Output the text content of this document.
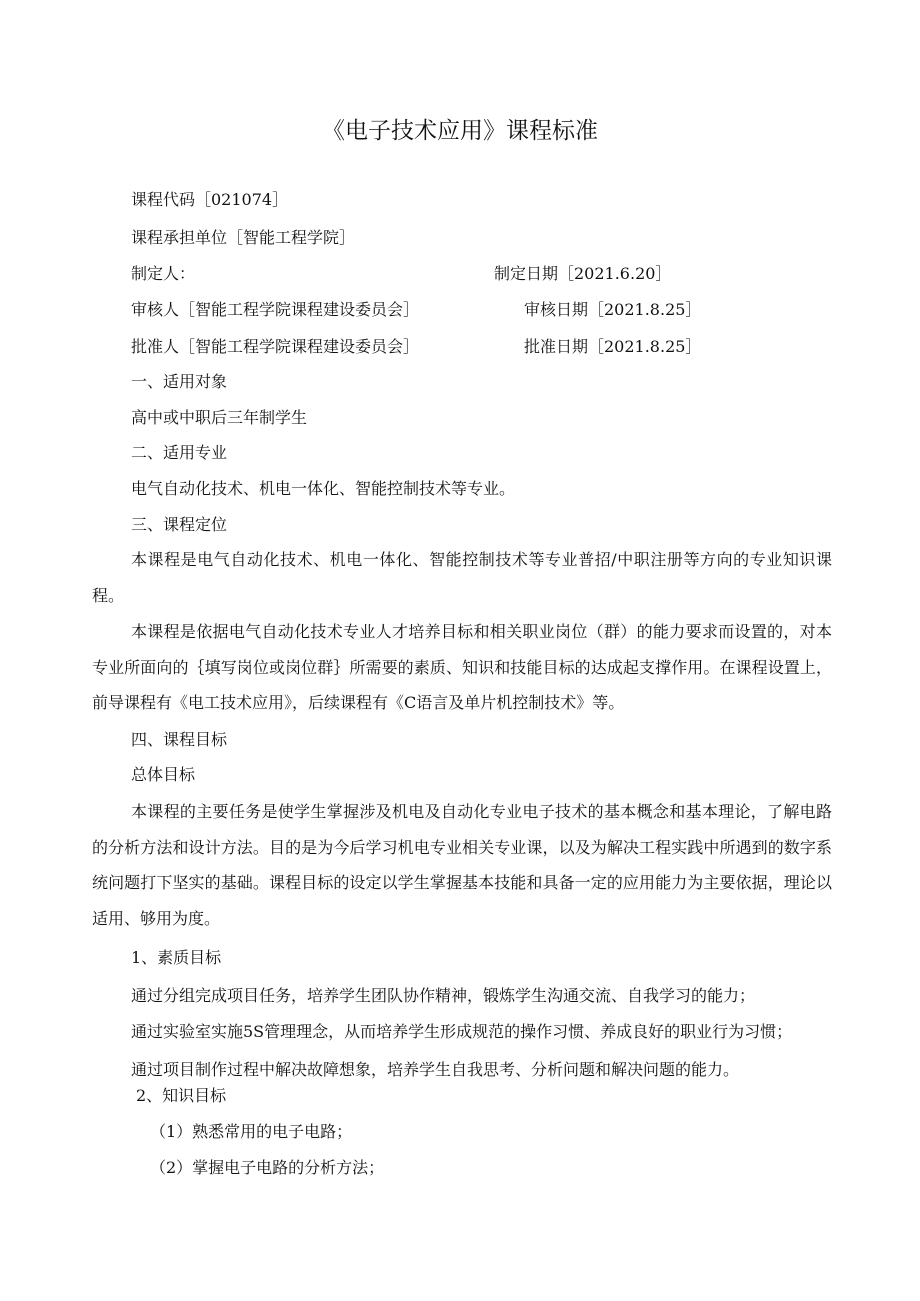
《电子技术应用》课程标准
课程代码［021074］
课程承担单位［智能工程学院］
制定人：	制定日期［2021.6.20］
审核人［智能工程学院课程建设委员会］	审核日期［2021.8.25］
批准人［智能工程学院课程建设委员会］	批准日期［2021.8.25］
一、适用对象
高中或中职后三年制学生
二、适用专业
电气自动化技术、机电一体化、智能控制技术等专业。
三、课程定位
本课程是电气自动化技术、机电一体化、智能控制技术等专业普招/中职注册等方向的专业知识课程。
本课程是依据电气自动化技术专业人才培养目标和相关职业岗位（群）的能力要求而设置的，对本专业所面向的｛填写岗位或岗位群｝所需要的素质、知识和技能目标的达成起支撑作用。在课程设置上，前导课程有《电工技术应用》，后续课程有《C语言及单片机控制技术》等。
四、课程目标
总体目标
本课程的主要任务是使学生掌握涉及机电及自动化专业电子技术的基本概念和基本理论，了解电路的分析方法和设计方法。目的是为今后学习机电专业相关专业课，以及为解决工程实践中所遇到的数字系统问题打下坚实的基础。课程目标的设定以学生掌握基本技能和具备一定的应用能力为主要依据，理论以适用、够用为度。
1、素质目标
通过分组完成项目任务，培养学生团队协作精神，锻炼学生沟通交流、自我学习的能力；
通过实验室实施5S管理理念，从而培养学生形成规范的操作习惯、养成良好的职业行为习惯；
通过项目制作过程中解决故障想象，培养学生自我思考、分析问题和解决问题的能力。
2、知识目标
（1）熟悉常用的电子电路；
（2）掌握电子电路的分析方法；
